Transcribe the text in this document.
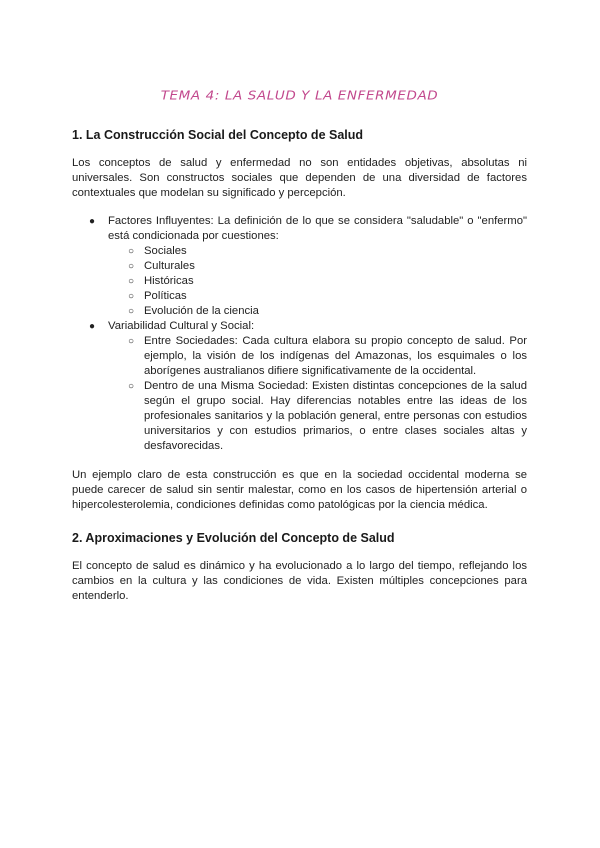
TEMA 4: LA SALUD Y LA ENFERMEDAD
1. La Construcción Social del Concepto de Salud

Los conceptos de salud y enfermedad no son entidades objetivas, absolutas ni universales. Son constructos sociales que dependen de una diversidad de factores contextuales que modelan su significado y percepción.

● Factores Influyentes: La definición de lo que se considera "saludable" o "enfermo" está condicionada por cuestiones:
○ Sociales
○ Culturales
○ Históricas
○ Políticas
○ Evolución de la ciencia
● Variabilidad Cultural y Social:
○ Entre Sociedades: Cada cultura elabora su propio concepto de salud. Por ejemplo, la visión de los indígenas del Amazonas, los esquimales o los aborígenes australianos difiere significativamente de la occidental.
○ Dentro de una Misma Sociedad: Existen distintas concepciones de la salud según el grupo social. Hay diferencias notables entre las ideas de los profesionales sanitarios y la población general, entre personas con estudios universitarios y con estudios primarios, o entre clases sociales altas y desfavorecidas.

Un ejemplo claro de esta construcción es que en la sociedad occidental moderna se puede carecer de salud sin sentir malestar, como en los casos de hipertensión arterial o hipercolesterolemia, condiciones definidas como patológicas por la ciencia médica.

2. Aproximaciones y Evolución del Concepto de Salud

El concepto de salud es dinámico y ha evolucionado a lo largo del tiempo, reflejando los cambios en la cultura y las condiciones de vida. Existen múltiples concepciones para entenderlo.
